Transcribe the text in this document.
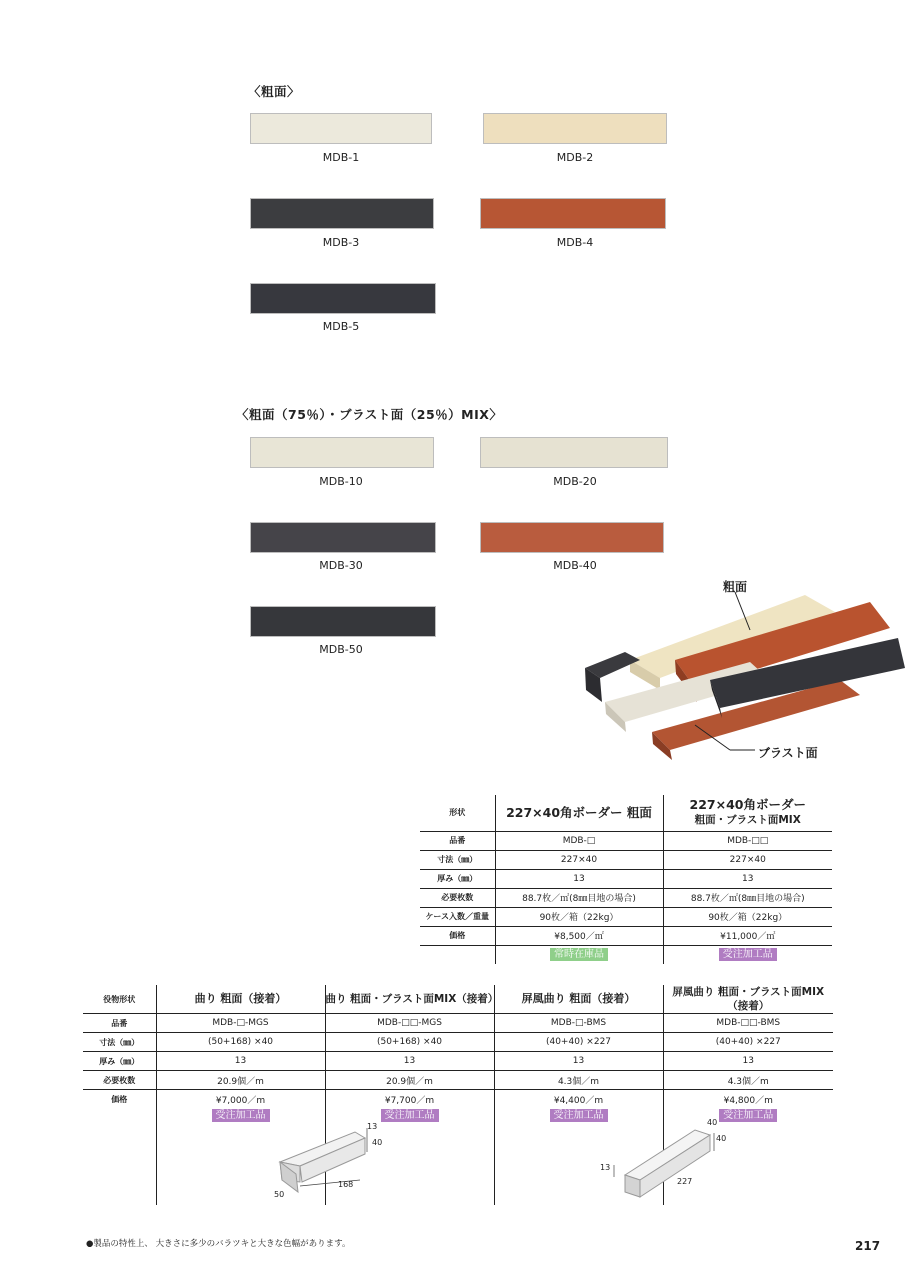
〈粗面〉
MDB-1	MDB-2
MDB-3	MDB-4
MDB-5
〈粗面（75％）・ブラスト面（25％）MIX〉
MDB-10	MDB-20
MDB-30	MDB-40
MDB-50
粗面
ブラスト面
形状	227×40角ボーダー 粗面	227×40角ボーダー
粗面・ブラスト面MIX
品番	MDB-□	MDB-□□
寸法（㎜）	227×40	227×40
厚み（㎜）	13	13
必要枚数	88.7枚／㎡(8㎜目地の場合)	88.7枚／㎡(8㎜目地の場合)
ケース入数／重量	90枚／箱（22kg）	90枚／箱（22kg）
価格	¥8,500／㎡	¥11,000／㎡
	常時在庫品	受注加工品
役物形状	曲り 粗面（接着）	曲り 粗面・ブラスト面MIX（接着）	屏風曲り 粗面（接着）	屏風曲り 粗面・ブラスト面MIX（接着）
品番	MDB-□-MGS	MDB-□□-MGS	MDB-□-BMS	MDB-□□-BMS
寸法（㎜）	(50+168) ×40	(50+168) ×40	(40+40) ×227	(40+40) ×227
厚み（㎜）	13	13	13	13
必要枚数	20.9個／m	20.9個／m	4.3個／m	4.3個／m
価格	¥7,000／m	¥7,700／m	¥4,400／m	¥4,800／m
	受注加工品	受注加工品	受注加工品	受注加工品
13
40
50
168
40
40
13
227
●製品の特性上、 大きさに多少のバラツキと大きな色幅があります。	217
